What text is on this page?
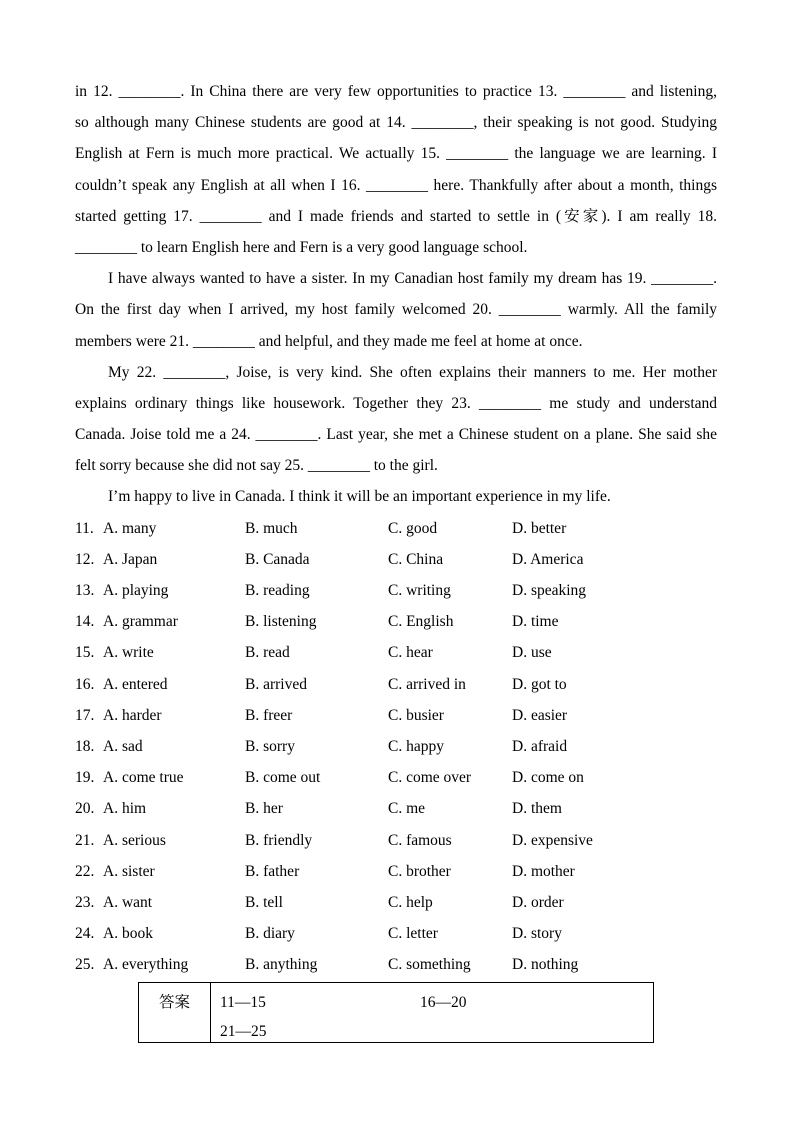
in 12. ________. In China there are very few opportunities to practice 13. ________ and listening,
so although many Chinese students are good at 14. ________, their speaking is not good. Studying
English at Fern is much more practical. We actually 15. ________ the language we are learning. I
couldn’t speak any English at all when I 16. ________ here. Thankfully after about a month, things
started getting 17. ________ and I made friends and started to settle in (安家). I am really 18.
________ to learn English here and Fern is a very good language school.
I have always wanted to have a sister. In my Canadian host family my dream has 19. ________.
On the first day when I arrived, my host family welcomed 20. ________ warmly. All the family
members were 21. ________ and helpful, and they made me feel at home at once.
My 22. ________, Joise, is very kind. She often explains their manners to me. Her mother
explains ordinary things like housework. Together they 23. ________ me study and understand
Canada. Joise told me a 24. ________. Last year, she met a Chinese student on a plane. She said she
felt sorry because she did not say 25. ________ to the girl.
I’m happy to live in Canada. I think it will be an important experience in my life.
11. A. many	B. much	C. good	D. better
12. A. Japan	B. Canada	C. China	D. America
13. A. playing	B. reading	C. writing	D. speaking
14. A. grammar	B. listening	C. English	D. time
15. A. write	B. read	C. hear	D. use
16. A. entered	B. arrived	C. arrived in	D. got to
17. A. harder	B. freer	C. busier	D. easier
18. A. sad	B. sorry	C. happy	D. afraid
19. A. come true	B. come out	C. come over	D. come on
20. A. him	B. her	C. me	D. them
21. A. serious	B. friendly	C. famous	D. expensive
22. A. sister	B. father	C. brother	D. mother
23. A. want	B. tell	C. help	D. order
24. A. book	B. diary	C. letter	D. story
25. A. everything	B. anything	C. something	D. nothing
答案	11—15	16—20
21—25
